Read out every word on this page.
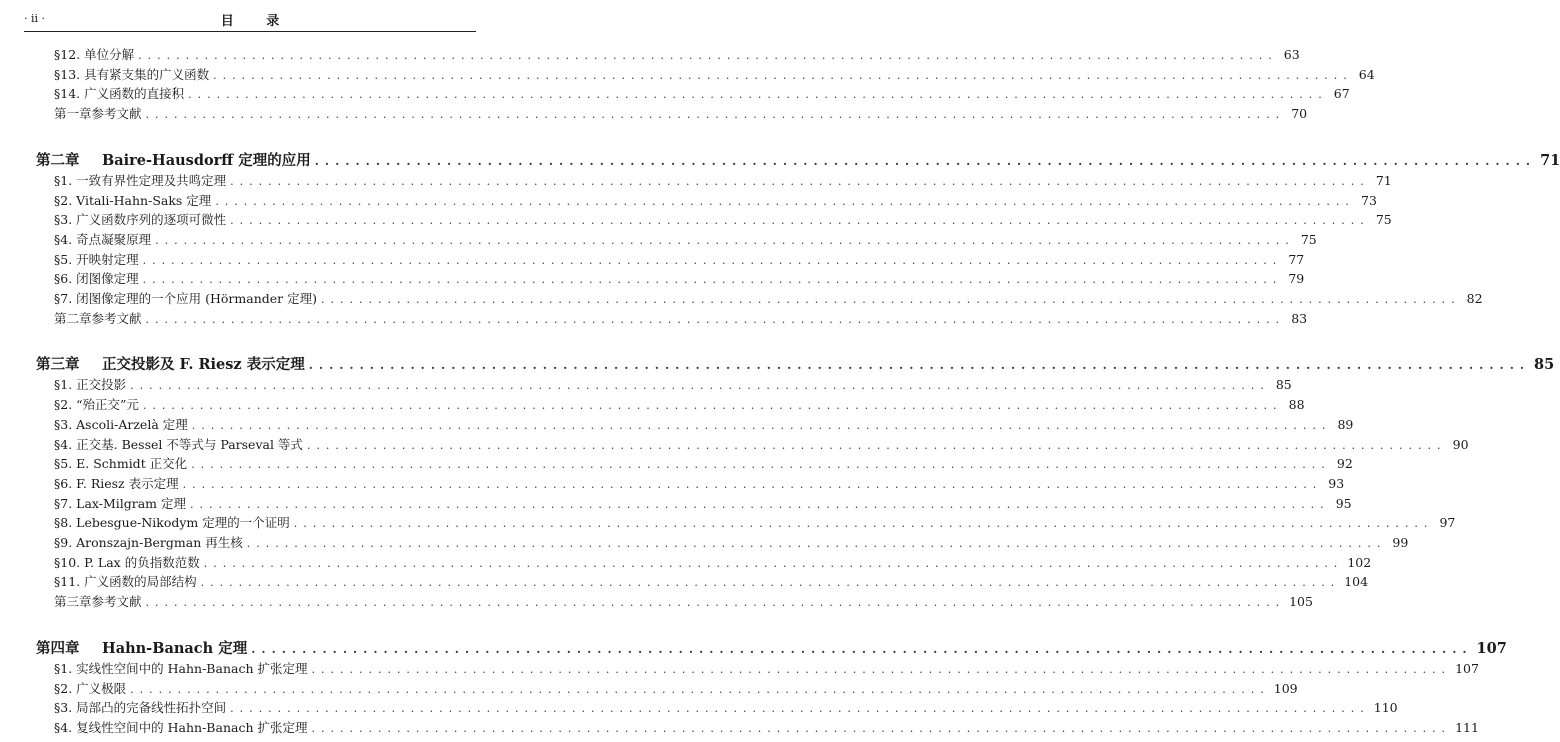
· ii ·	目 录
§12. 单位分解 ........................................................................................................................ 63
§13. 具有紧支集的广义函数 ........................................................................................................................ 64
§14. 广义函数的直接积 ........................................................................................................................ 67
第一章参考文献 ........................................................................................................................ 70
第二章 Baire-Hausdorff 定理的应用 ........................................................................................................................ 71
§1. 一致有界性定理及共鸣定理 ........................................................................................................................ 71
§2. Vitali-Hahn-Saks 定理 ........................................................................................................................ 73
§3. 广义函数序列的逐项可微性 ........................................................................................................................ 75
§4. 奇点凝聚原理 ........................................................................................................................ 75
§5. 开映射定理 ........................................................................................................................ 77
§6. 闭图像定理 ........................................................................................................................ 79
§7. 闭图像定理的一个应用 (Hörmander 定理) ........................................................................................................................ 82
第二章参考文献 ........................................................................................................................ 83
第三章 正交投影及 F. Riesz 表示定理 ........................................................................................................................ 85
§1. 正交投影 ........................................................................................................................ 85
§2. “殆正交”元 ........................................................................................................................ 88
§3. Ascoli-Arzelà 定理 ........................................................................................................................ 89
§4. 正交基. Bessel 不等式与 Parseval 等式 ........................................................................................................................ 90
§5. E. Schmidt 正交化 ........................................................................................................................ 92
§6. F. Riesz 表示定理 ........................................................................................................................ 93
§7. Lax-Milgram 定理 ........................................................................................................................ 95
§8. Lebesgue-Nikodym 定理的一个证明 ........................................................................................................................ 97
§9. Aronszajn-Bergman 再生核 ........................................................................................................................ 99
§10. P. Lax 的负指数范数 ........................................................................................................................ 102
§11. 广义函数的局部结构 ........................................................................................................................ 104
第三章参考文献 ........................................................................................................................ 105
第四章 Hahn-Banach 定理 ........................................................................................................................ 107
§1. 实线性空间中的 Hahn-Banach 扩张定理 ........................................................................................................................ 107
§2. 广义极限 ........................................................................................................................ 109
§3. 局部凸的完备线性拓扑空间 ........................................................................................................................ 110
§4. 复线性空间中的 Hahn-Banach 扩张定理 ........................................................................................................................ 111
